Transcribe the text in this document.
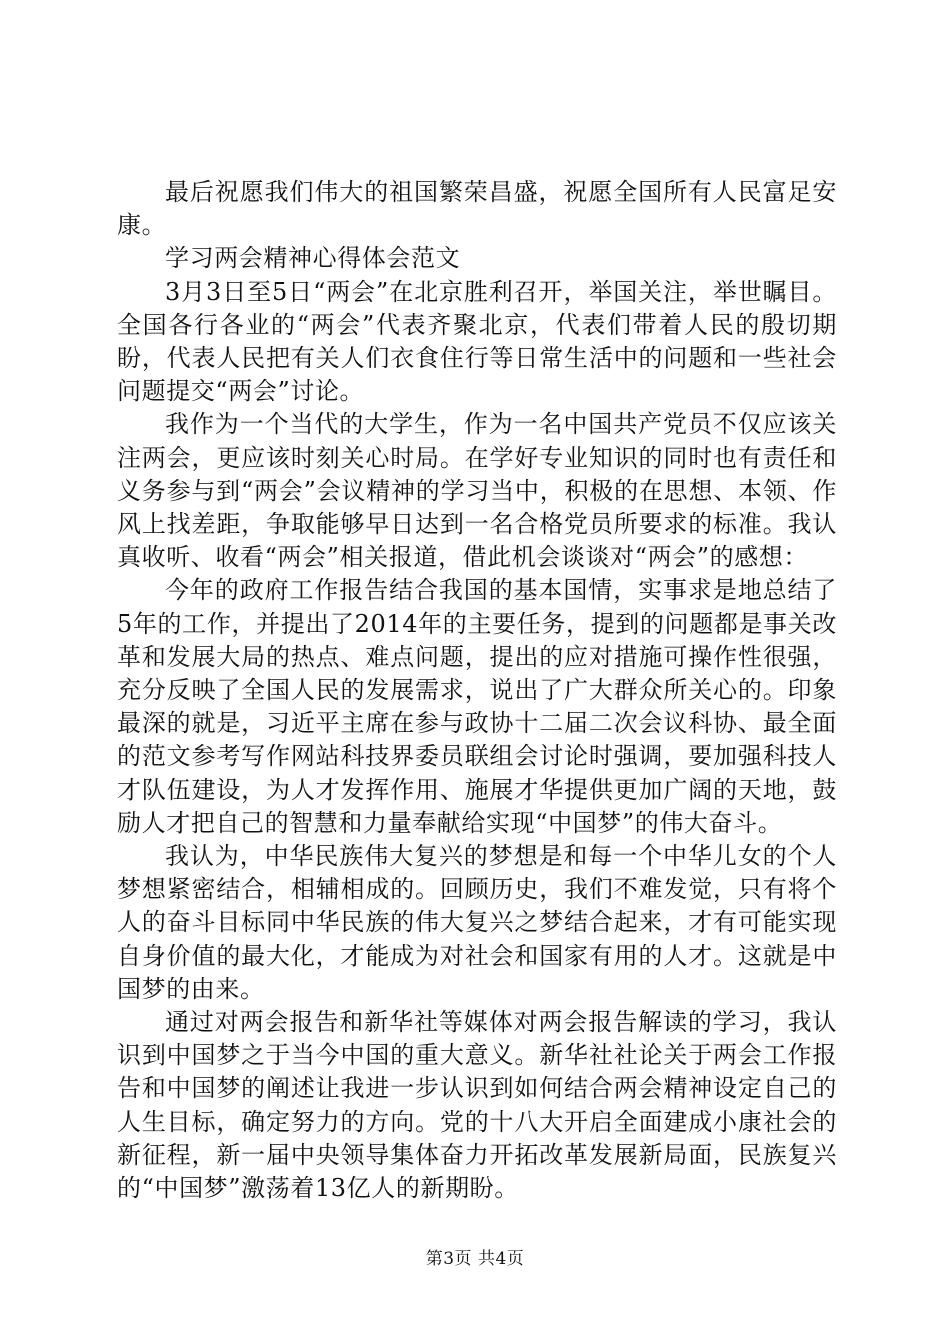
最后祝愿我们伟大的祖国繁荣昌盛，祝愿全国所有人民富足安康。

学习两会精神心得体会范文

3月3日至5日“两会”在北京胜利召开，举国关注，举世瞩目。全国各行各业的“两会”代表齐聚北京，代表们带着人民的殷切期盼，代表人民把有关人们衣食住行等日常生活中的问题和一些社会问题提交“两会”讨论。

我作为一个当代的大学生，作为一名中国共产党员不仅应该关注两会，更应该时刻关心时局。在学好专业知识的同时也有责任和义务参与到“两会”会议精神的学习当中，积极的在思想、本领、作风上找差距，争取能够早日达到一名合格党员所要求的标准。我认真收听、收看“两会”相关报道，借此机会谈谈对“两会”的感想：

今年的政府工作报告结合我国的基本国情，实事求是地总结了5年的工作，并提出了2014年的主要任务，提到的问题都是事关改革和发展大局的热点、难点问题，提出的应对措施可操作性很强，充分反映了全国人民的发展需求，说出了广大群众所关心的。印象最深的就是，习近平主席在参与政协十二届二次会议科协、最全面的范文参考写作网站科技界委员联组会讨论时强调，要加强科技人才队伍建设，为人才发挥作用、施展才华提供更加广阔的天地，鼓励人才把自己的智慧和力量奉献给实现“中国梦”的伟大奋斗。

我认为，中华民族伟大复兴的梦想是和每一个中华儿女的个人梦想紧密结合，相辅相成的。回顾历史，我们不难发觉，只有将个人的奋斗目标同中华民族的伟大复兴之梦结合起来，才有可能实现自身价值的最大化，才能成为对社会和国家有用的人才。这就是中国梦的由来。

通过对两会报告和新华社等媒体对两会报告解读的学习，我认识到中国梦之于当今中国的重大意义。新华社社论关于两会工作报告和中国梦的阐述让我进一步认识到如何结合两会精神设定自己的人生目标，确定努力的方向。党的十八大开启全面建成小康社会的新征程，新一届中央领导集体奋力开拓改革发展新局面，民族复兴的“中国梦”激荡着13亿人的新期盼。

第3页 共4页
